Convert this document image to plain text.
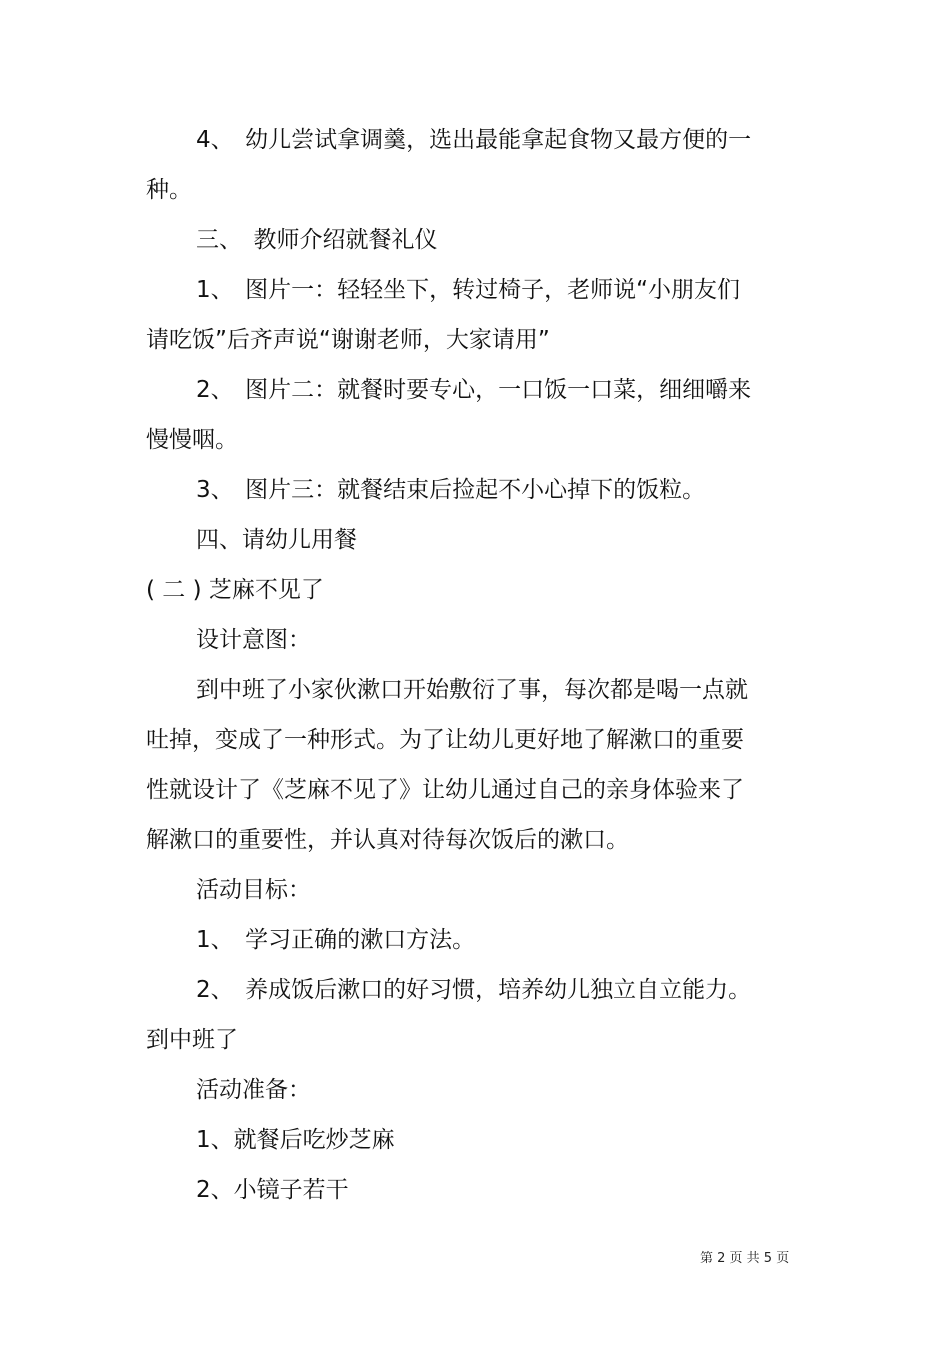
4、　幼儿尝试拿调羹，选出最能拿起食物又最方便的一

种。

三、　教师介绍就餐礼仪

1、　图片一：轻轻坐下，转过椅子，老师说“小朋友们

请吃饭”后齐声说“谢谢老师，大家请用”

2、　图片二：就餐时要专心，一口饭一口菜，细细嚼来

慢慢咽。

3、　图片三：就餐结束后捡起不小心掉下的饭粒。

四、请幼儿用餐

( 二 ) 芝麻不见了

设计意图：

到中班了小家伙漱口开始敷衍了事，每次都是喝一点就

吐掉，变成了一种形式。为了让幼儿更好地了解漱口的重要

性就设计了《芝麻不见了》让幼儿通过自己的亲身体验来了

解漱口的重要性，并认真对待每次饭后的漱口。

活动目标：

1、　学习正确的漱口方法。

2、　养成饭后漱口的好习惯，培养幼儿独立自立能力。

到中班了

活动准备：

1、就餐后吃炒芝麻

2、小镜子若干

第 2 页 共 5 页
